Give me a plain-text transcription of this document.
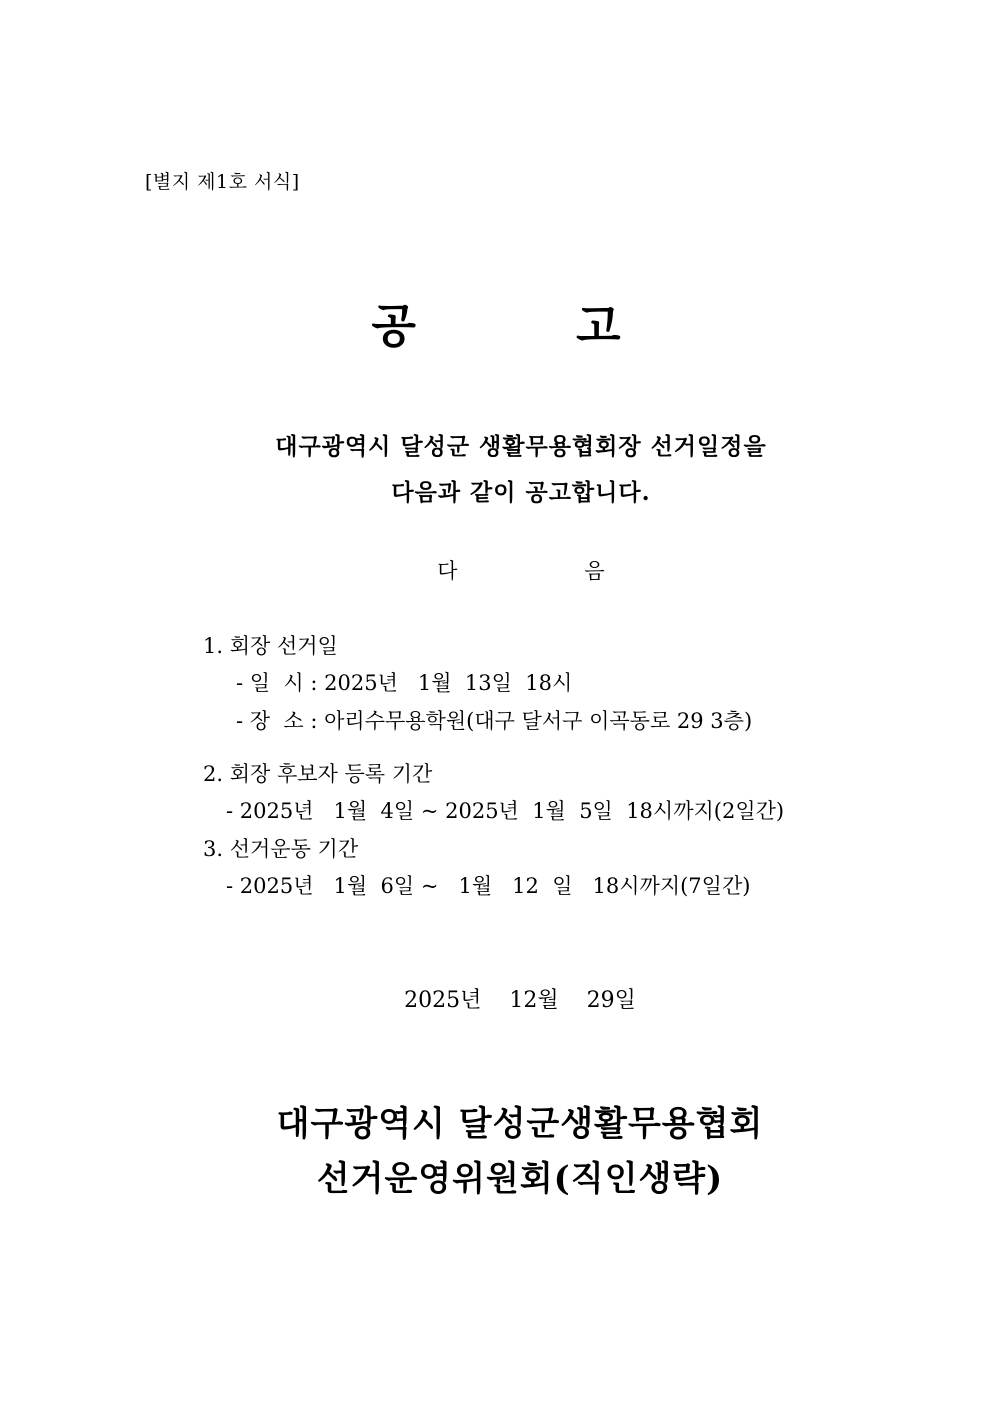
[별지 제1호 서식]
공          고
대구광역시 달성군 생활무용협회장 선거일정을
다음과 같이 공고합니다.
다                   음
1. 회장 선거일
- 일  시 : 2025년   1월  13일  18시
- 장  소 : 아리수무용학원(대구 달서구 이곡동로 29 3층)
2. 회장 후보자 등록 기간
- 2025년   1월  4일 ~ 2025년  1월  5일  18시까지(2일간)
3. 선거운동 기간
- 2025년   1월  6일 ~   1월   12  일   18시까지(7일간)
2025년    12월    29일
대구광역시 달성군생활무용협회
선거운영위원회(직인생략)
